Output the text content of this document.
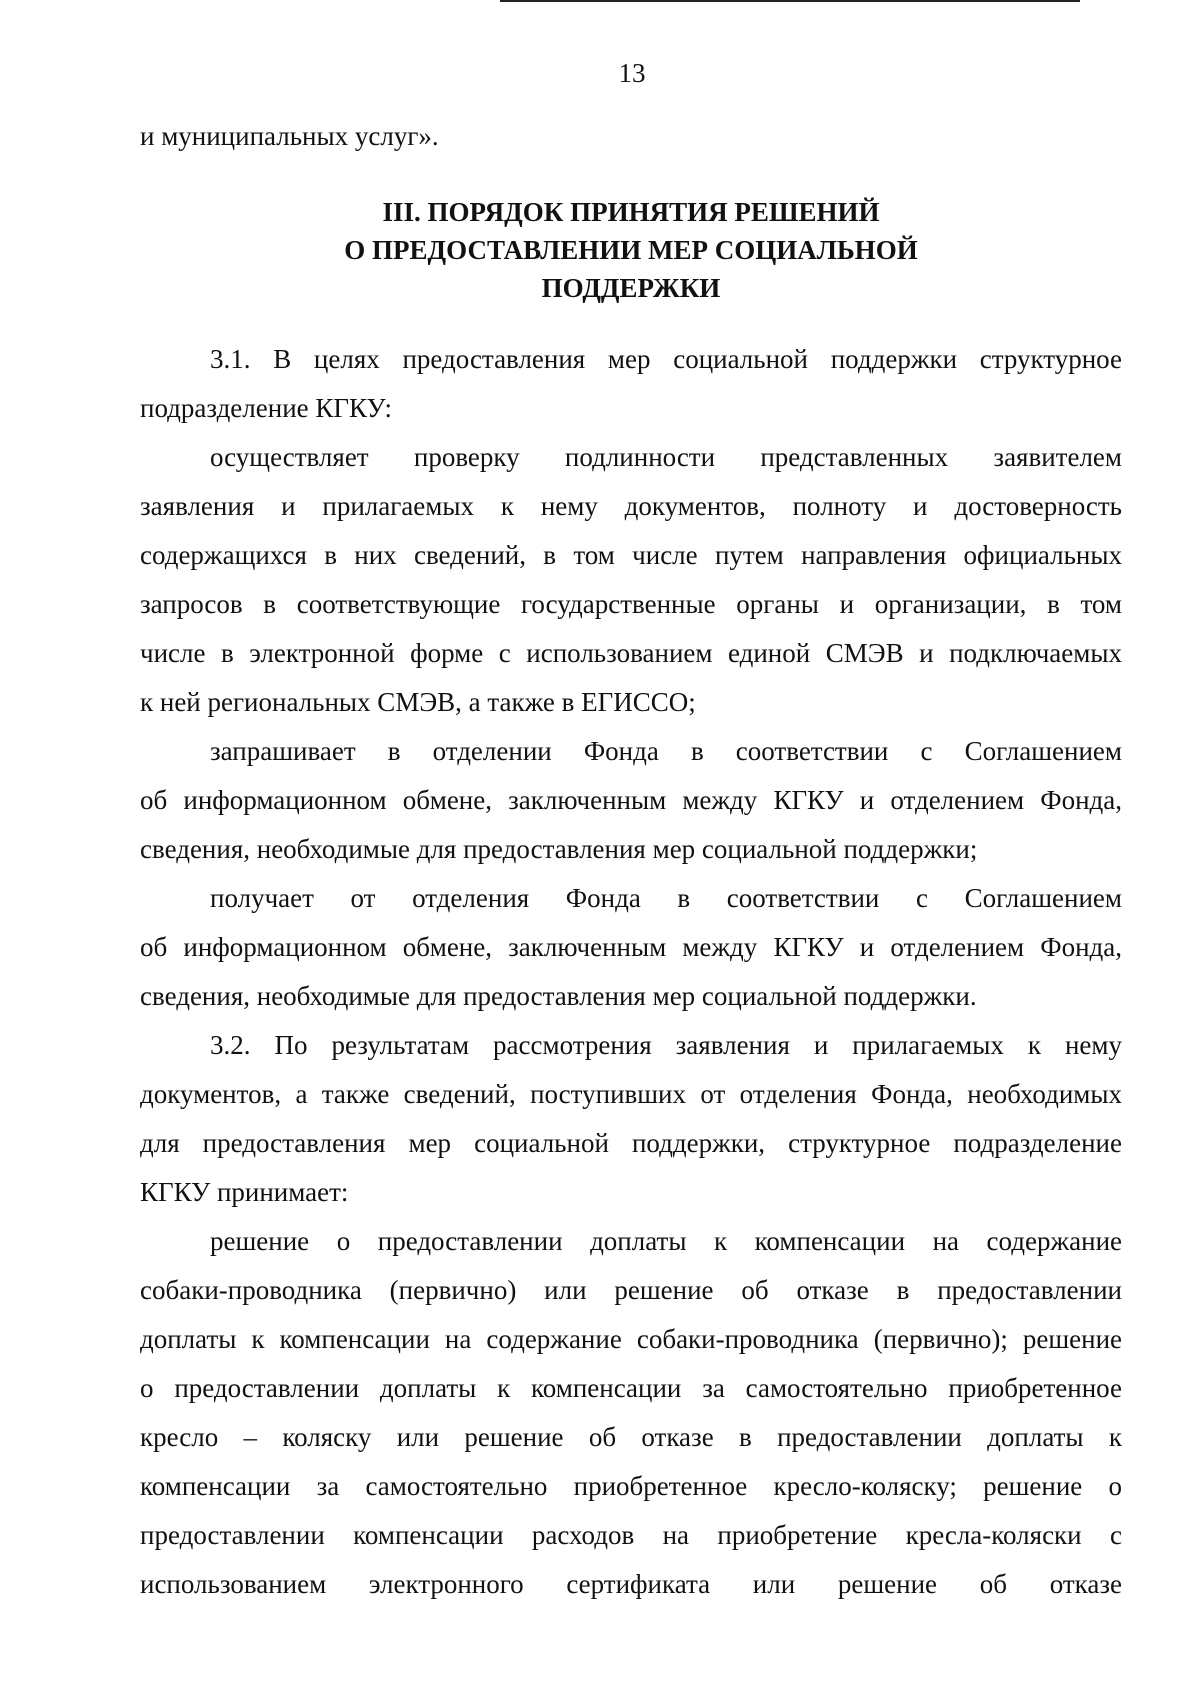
13
и муниципальных услуг».
III. ПОРЯДОК ПРИНЯТИЯ РЕШЕНИЙ
О ПРЕДОСТАВЛЕНИИ МЕР СОЦИАЛЬНОЙ
ПОДДЕРЖКИ
3.1. В целях предоставления мер социальной поддержки структурное
подразделение КГКУ:
осуществляет проверку подлинности представленных заявителем
заявления и прилагаемых к нему документов, полноту и достоверность
содержащихся в них сведений, в том числе путем направления официальных
запросов в соответствующие государственные органы и организации, в том
числе в электронной форме с использованием единой СМЭВ и подключаемых
к ней региональных СМЭВ, а также в ЕГИССО;
запрашивает в отделении Фонда в соответствии с Соглашением
об информационном обмене, заключенным между КГКУ и отделением Фонда,
сведения, необходимые для предоставления мер социальной поддержки;
получает от отделения Фонда в соответствии с Соглашением
об информационном обмене, заключенным между КГКУ и отделением Фонда,
сведения, необходимые для предоставления мер социальной поддержки.
3.2. По результатам рассмотрения заявления и прилагаемых к нему
документов, а также сведений, поступивших от отделения Фонда, необходимых
для предоставления мер социальной поддержки, структурное подразделение
КГКУ принимает:
решение о предоставлении доплаты к компенсации на содержание
собаки-проводника (первично) или решение об отказе в предоставлении
доплаты к компенсации на содержание собаки-проводника (первично); решение
о предоставлении доплаты к компенсации за самостоятельно приобретенное
кресло – коляску или решение об отказе в предоставлении доплаты к
компенсации за самостоятельно приобретенное кресло-коляску; решение о
предоставлении компенсации расходов на приобретение кресла-коляски с
использованием электронного сертификата или решение об отказе
